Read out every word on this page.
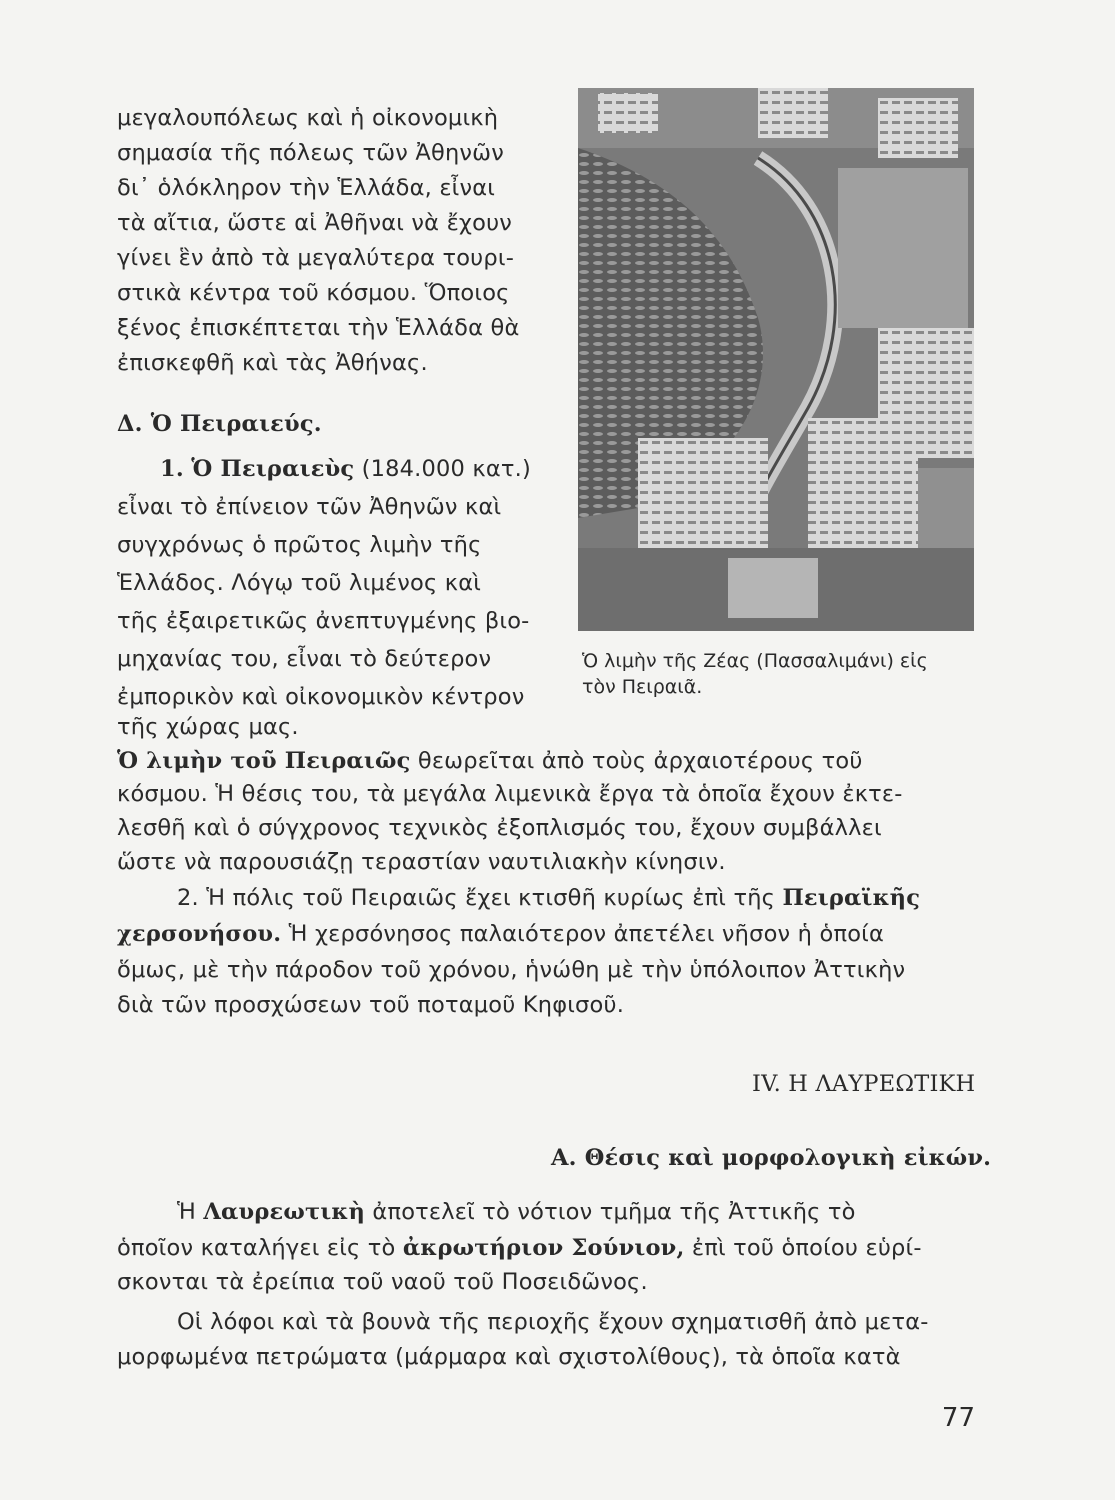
μεγαλουπόλεως καὶ ἡ οἰκονομικὴ
σημασία τῆς πόλεως τῶν Ἀθηνῶν
δι᾽ ὁλόκληρον τὴν Ἑλλάδα, εἶναι
τὰ αἴτια, ὥστε αἱ Ἀθῆναι νὰ ἔχουν
γίνει ἓν ἀπὸ τὰ μεγαλύτερα τουρι-
στικὰ κέντρα τοῦ κόσμου. Ὅποιος
ξένος ἐπισκέπτεται τὴν Ἑλλάδα θὰ
ἐπισκεφθῆ καὶ τὰς Ἀθήνας.
Δ. Ὁ Πειραιεύς.
1. Ὁ Πειραιεὺς (184.000 κατ.)
εἶναι τὸ ἐπίνειον τῶν Ἀθηνῶν καὶ
συγχρόνως ὁ πρῶτος λιμὴν τῆς
Ἑλλάδος. Λόγῳ τοῦ λιμένος καὶ
τῆς ἐξαιρετικῶς ἀνεπτυγμένης βιο-
μηχανίας του, εἶναι τὸ δεύτερον
ἐμπορικὸν καὶ οἰκονομικὸν κέντρον
τῆς χώρας μας.
Ὁ λιμὴν τῆς Ζέας (Πασσαλιμάνι) εἰς
τὸν Πειραιᾶ.
Ὁ λιμὴν τοῦ Πειραιῶς θεωρεῖται ἀπὸ τοὺς ἀρχαιοτέρους τοῦ
κόσμου. Ἡ θέσις του, τὰ μεγάλα λιμενικὰ ἔργα τὰ ὁποῖα ἔχουν ἐκτε-
λεσθῆ καὶ ὁ σύγχρονος τεχνικὸς ἐξοπλισμός του, ἔχουν συμβάλλει
ὥστε νὰ παρουσιάζῃ τεραστίαν ναυτιλιακὴν κίνησιν.
2. Ἡ πόλις τοῦ Πειραιῶς ἔχει κτισθῆ κυρίως ἐπὶ τῆς Πειραϊκῆς
χερσονήσου. Ἡ χερσόνησος παλαιότερον ἀπετέλει νῆσον ἡ ὁποία
ὅμως, μὲ τὴν πάροδον τοῦ χρόνου, ἡνώθη μὲ τὴν ὑπόλοιπον Ἀττικὴν
διὰ τῶν προσχώσεων τοῦ ποταμοῦ Κηφισοῦ.
IV. Η ΛΑΥΡΕΩΤΙΚΗ
Α. Θέσις καὶ μορφολογικὴ εἰκών.
Ἡ Λαυρεωτικὴ ἀποτελεῖ τὸ νότιον τμῆμα τῆς Ἀττικῆς τὸ
ὁποῖον καταλήγει εἰς τὸ ἀκρωτήριον Σούνιον, ἐπὶ τοῦ ὁποίου εὑρί-
σκονται τὰ ἐρείπια τοῦ ναοῦ τοῦ Ποσειδῶνος.
Οἱ λόφοι καὶ τὰ βουνὰ τῆς περιοχῆς ἔχουν σχηματισθῆ ἀπὸ μετα-
μορφωμένα πετρώματα (μάρμαρα καὶ σχιστολίθους), τὰ ὁποῖα κατὰ
77
